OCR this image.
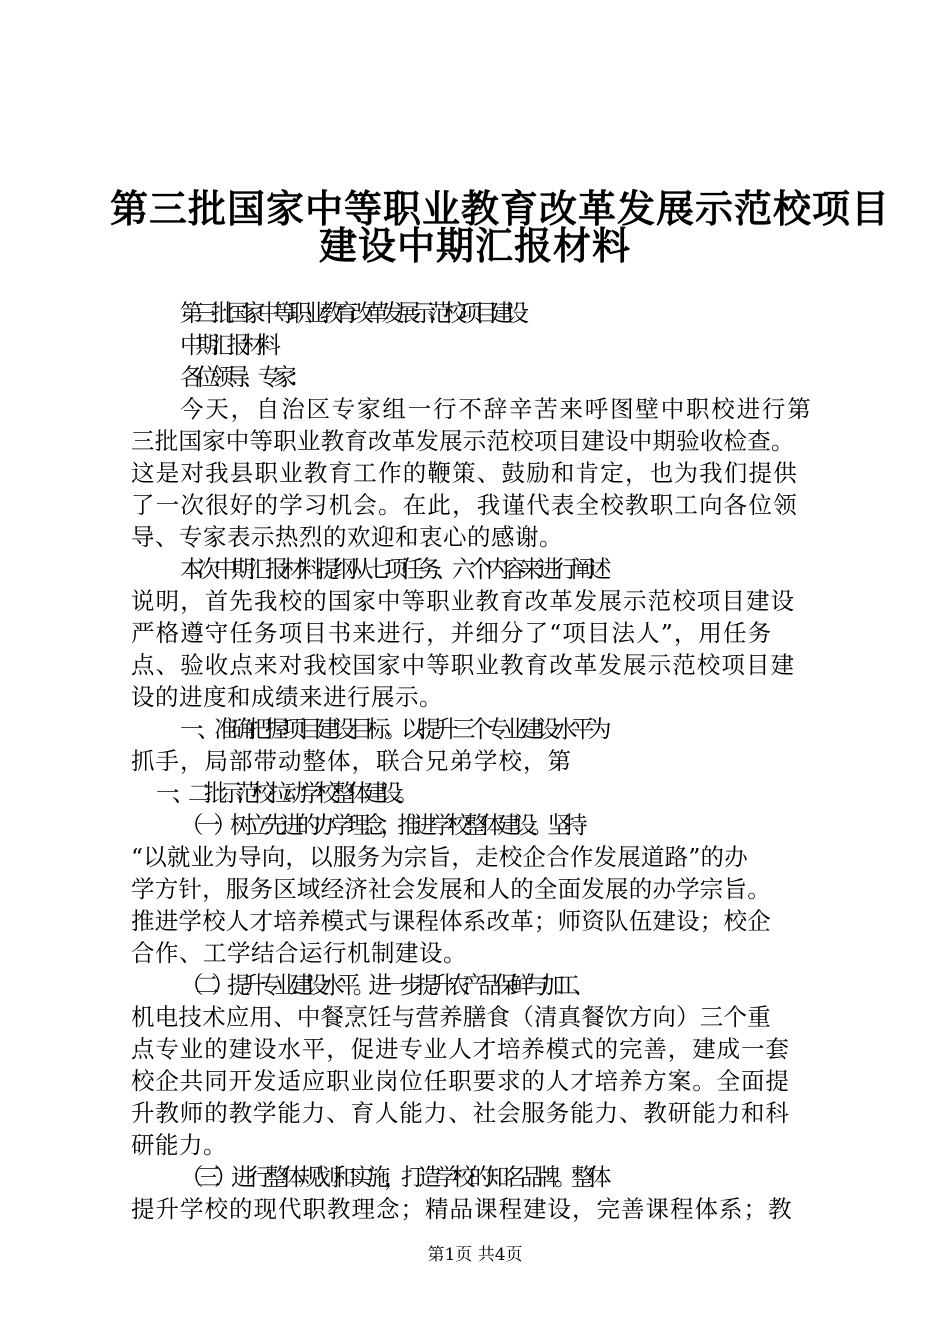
第三批国家中等职业教育改革发展示范校项目
建设中期汇报材料
第三批国家中等职业教育改革发展示范校项目建设
中期汇报材料
各位领导、专家：
今天，自治区专家组一行不辞辛苦来呼图壁中职校进行第
三批国家中等职业教育改革发展示范校项目建设中期验收检查。
这是对我县职业教育工作的鞭策、鼓励和肯定，也为我们提供
了一次很好的学习机会。在此，我谨代表全校教职工向各位领
导、专家表示热烈的欢迎和衷心的感谢。
本次中期汇报材料提纲从七项任务、六个内容来进行阐述
说明，首先我校的国家中等职业教育改革发展示范校项目建设
严格遵守任务项目书来进行，并细分了“项目法人”，用任务
点、验收点来对我校国家中等职业教育改革发展示范校项目建
设的进度和成绩来进行展示。
一、准确把握项目建设目标。以提升三个专业建设水平为
抓手，局部带动整体，联合兄弟学校，第
一、二批示范校拉动学校整体建设。
（一）树立先进的办学理念，推进学校整体建设。坚持
“以就业为导向，以服务为宗旨，走校企合作发展道路”的办
学方针，服务区域经济社会发展和人的全面发展的办学宗旨。
推进学校人才培养模式与课程体系改革；师资队伍建设；校企
合作、工学结合运行机制建设。
（二）提升专业建设水平。进一步提升农产品保鲜与加工、
机电技术应用、中餐烹饪与营养膳食（清真餐饮方向）三个重
点专业的建设水平，促进专业人才培养模式的完善，建成一套
校企共同开发适应职业岗位任职要求的人才培养方案。全面提
升教师的教学能力、育人能力、社会服务能力、教研能力和科
研能力。
（三）进行整体规划和实施，打造学校的知名品牌。整体
提升学校的现代职教理念；精品课程建设，完善课程体系；教
第1页 共4页
